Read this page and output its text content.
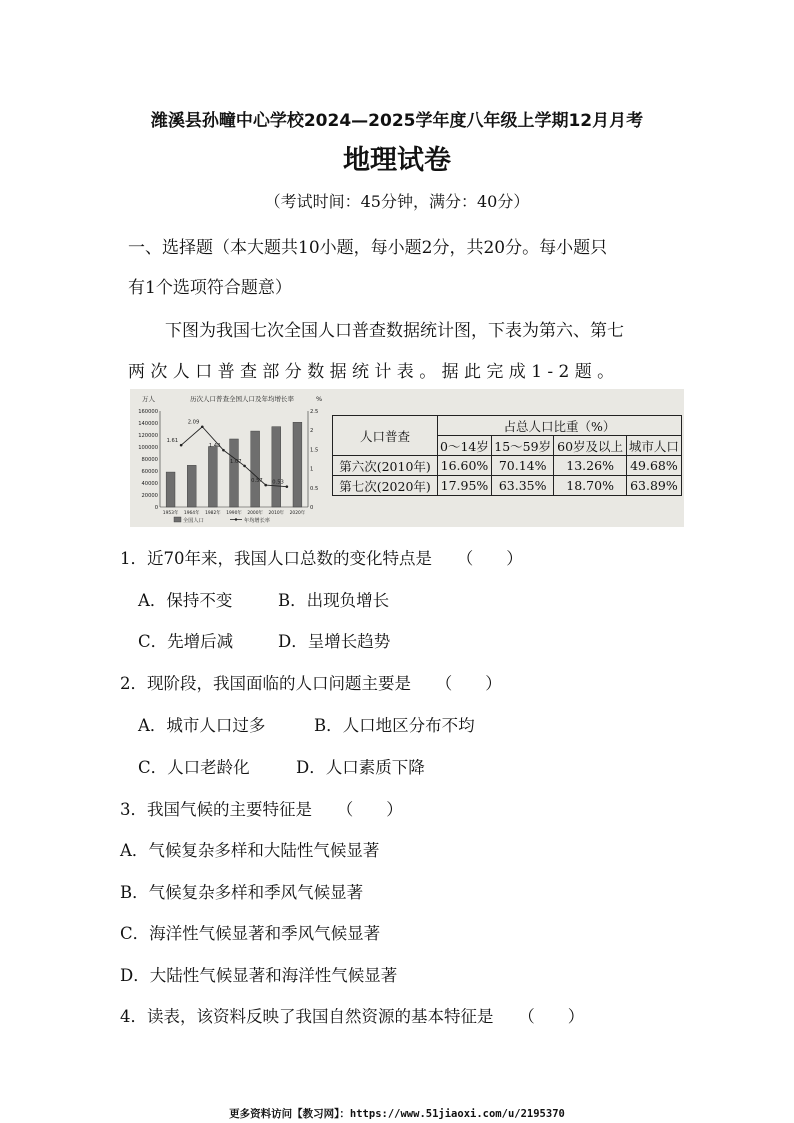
潍溪县孙疃中心学校2024—2025学年度八年级上学期12月月考
地理试卷
（考试时间：45分钟，满分：40分）
一、选择题（本大题共10小题，每小题2分，共20分。每小题只
有1个选项符合题意）
下图为我国七次全国人口普查数据统计图，下表为第六、第七
两次人口普查部分数据统计表。据此完成1-2题。
历次人口普查全国人口及年均增长率
万人	%
1.61
2.09
1.48
1.07
0.57 0.53
0
20000
40000
60000
80000
100000
120000
140000
160000
0
0.5
1
1.5
2
2.5
1953年 1964年 1982年 1990年 2000年 2010年 2020年
全国人口	年均增长率
人口普查	占总人口比重（%）			
	0～14岁	15～59岁	60岁及以上	城市人口
第六次(2010年)	16.60%	70.14%	13.26%	49.68%
第七次(2020年)	17.95%	63.35%	18.70%	63.89%
1．近70年来，我国人口总数的变化特点是　　（　　）
A．保持不变	B．出现负增长
C．先增后减	D．呈增长趋势
2．现阶段，我国面临的人口问题主要是　　（　　）
A．城市人口过多	B．人口地区分布不均
C．人口老龄化	D．人口素质下降
3．我国气候的主要特征是　　（　　）
A．气候复杂多样和大陆性气候显著
B．气候复杂多样和季风气候显著
C．海洋性气候显著和季风气候显著
D．大陆性气候显著和海洋性气候显著
4．读表，该资料反映了我国自然资源的基本特征是　　（　　）
更多资料访问【教习网】：https://www.51jiaoxi.com/u/2195370
